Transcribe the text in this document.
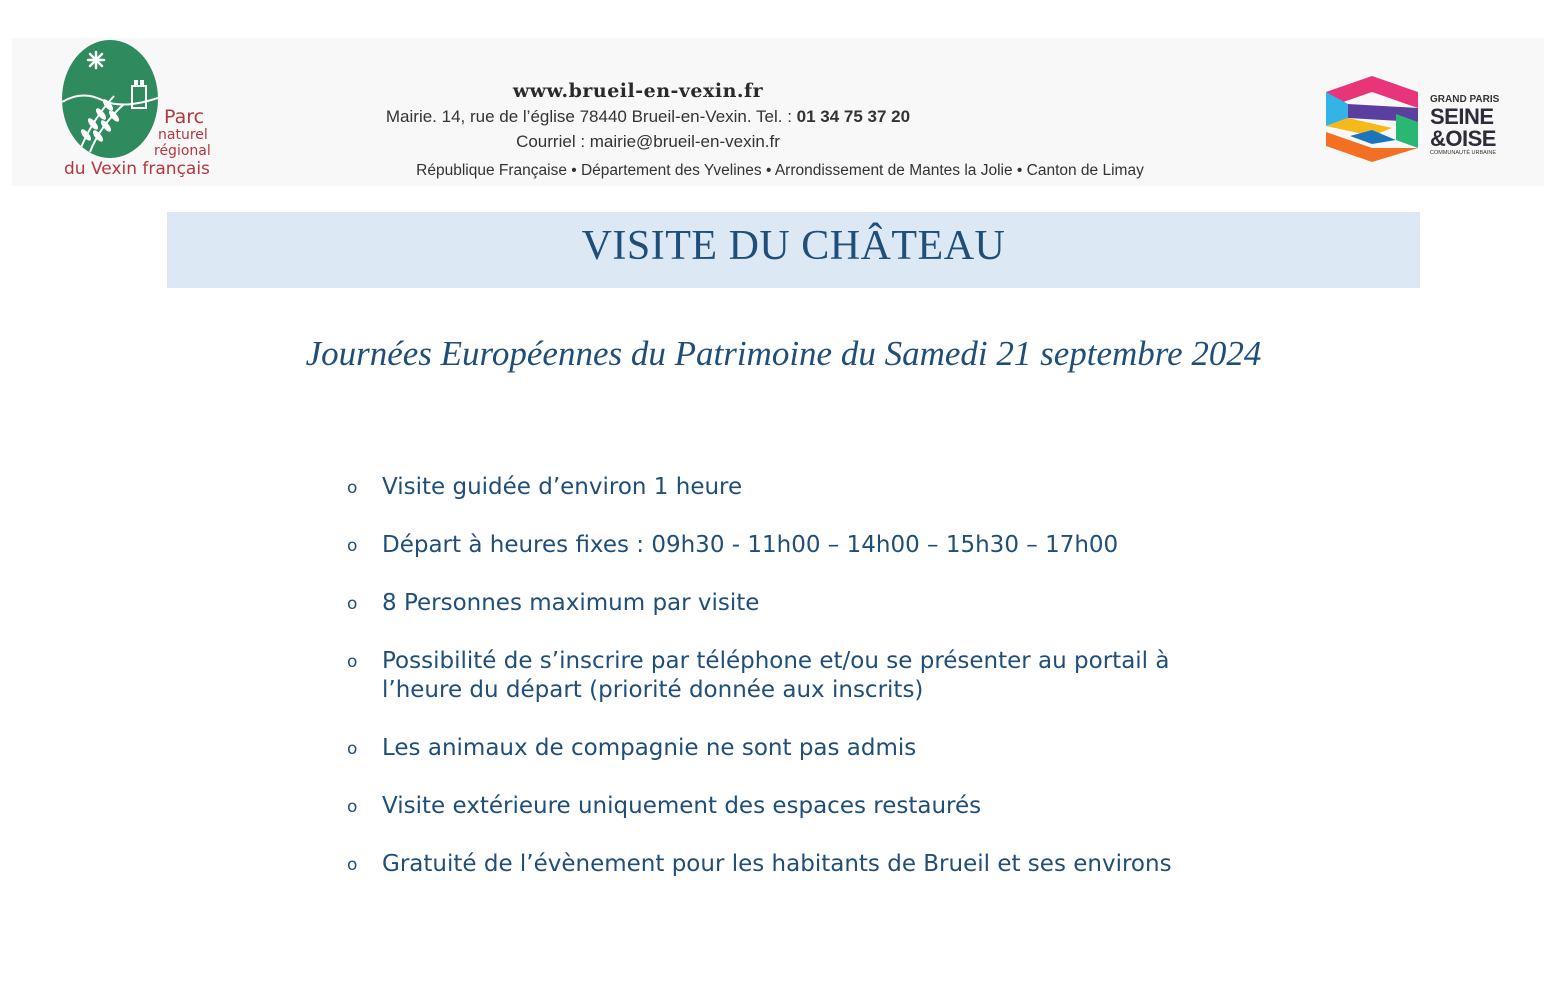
Parc
naturel
régional
du Vexin français
www.brueil-en-vexin.fr
Mairie. 14, rue de l’église 78440 Brueil-en-Vexin. Tel. : 01 34 75 37 20
Courriel : mairie@brueil-en-vexin.fr
République Française • Département des Yvelines • Arrondissement de Mantes la Jolie • Canton de Limay
GRAND PARIS
SEINE
&OISE
COMMUNAUTÉ URBAINE
VISITE DU CHÂTEAU
Journées Européennes du Patrimoine du Samedi 21 septembre 2024
o Visite guidée d’environ 1 heure
o Départ à heures fixes : 09h30 - 11h00 – 14h00 – 15h30 – 17h00
o 8 Personnes maximum par visite
o Possibilité de s’inscrire par téléphone et/ou se présenter au portail à l’heure du départ (priorité donnée aux inscrits)
o Les animaux de compagnie ne sont pas admis
o Visite extérieure uniquement des espaces restaurés
o Gratuité de l’évènement pour les habitants de Brueil et ses environs
